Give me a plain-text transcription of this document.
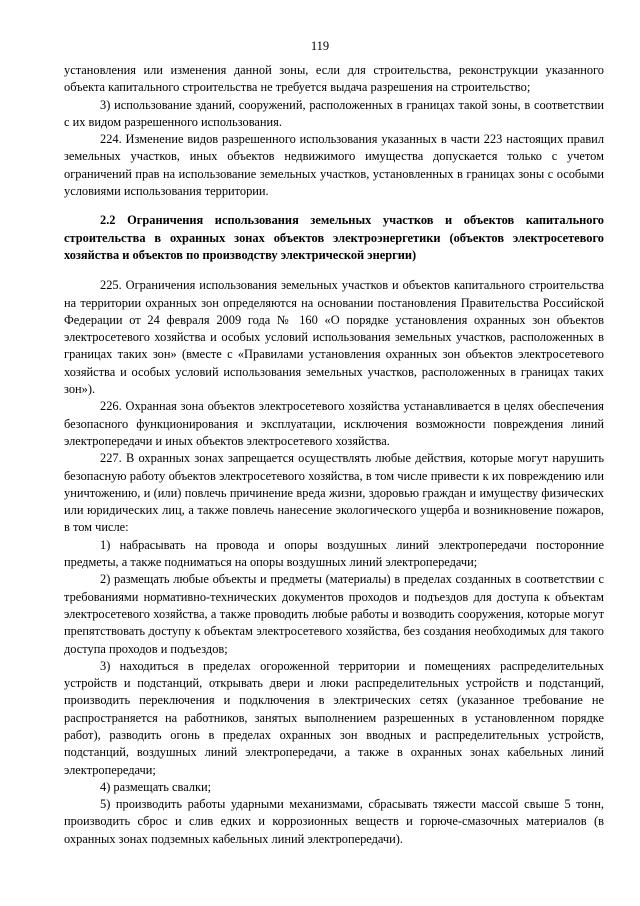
119

установления или изменения данной зоны, если для строительства, реконструкции указанного объекта капитального строительства не требуется выдача разрешения на строительство;

3) использование зданий, сооружений, расположенных в границах такой зоны, в соответствии с их видом разрешенного использования.

224. Изменение видов разрешенного использования указанных в части 223 настоящих правил земельных участков, иных объектов недвижимого имущества допускается только с учетом ограничений прав на использование земельных участков, установленных в границах зоны с особыми условиями использования территории.

2.2 Ограничения использования земельных участков и объектов капитального строительства в охранных зонах объектов электроэнергетики (объектов электросетевого хозяйства и объектов по производству электрической энергии)

225. Ограничения использования земельных участков и объектов капитального строительства на территории охранных зон определяются на основании постановления Правительства Российской Федерации от 24 февраля 2009 года № 160 «О порядке установления охранных зон объектов электросетевого хозяйства и особых условий использования земельных участков, расположенных в границах таких зон» (вместе с «Правилами установления охранных зон объектов электросетевого хозяйства и особых условий использования земельных участков, расположенных в границах таких зон»).

226. Охранная зона объектов электросетевого хозяйства устанавливается в целях обеспечения безопасного функционирования и эксплуатации, исключения возможности повреждения линий электропередачи и иных объектов электросетевого хозяйства.

227. В охранных зонах запрещается осуществлять любые действия, которые могут нарушить безопасную работу объектов электросетевого хозяйства, в том числе привести к их повреждению или уничтожению, и (или) повлечь причинение вреда жизни, здоровью граждан и имуществу физических или юридических лиц, а также повлечь нанесение экологического ущерба и возникновение пожаров, в том числе:

1) набрасывать на провода и опоры воздушных линий электропередачи посторонние предметы, а также подниматься на опоры воздушных линий электропередачи;

2) размещать любые объекты и предметы (материалы) в пределах созданных в соответствии с требованиями нормативно-технических документов проходов и подъездов для доступа к объектам электросетевого хозяйства, а также проводить любые работы и возводить сооружения, которые могут препятствовать доступу к объектам электросетевого хозяйства, без создания необходимых для такого доступа проходов и подъездов;

3) находиться в пределах огороженной территории и помещениях распределительных устройств и подстанций, открывать двери и люки распределительных устройств и подстанций, производить переключения и подключения в электрических сетях (указанное требование не распространяется на работников, занятых выполнением разрешенных в установленном порядке работ), разводить огонь в пределах охранных зон вводных и распределительных устройств, подстанций, воздушных линий электропередачи, а также в охранных зонах кабельных линий электропередачи;

4) размещать свалки;

5) производить работы ударными механизмами, сбрасывать тяжести массой свыше 5 тонн, производить сброс и слив едких и коррозионных веществ и горюче-смазочных материалов (в охранных зонах подземных кабельных линий электропередачи).
